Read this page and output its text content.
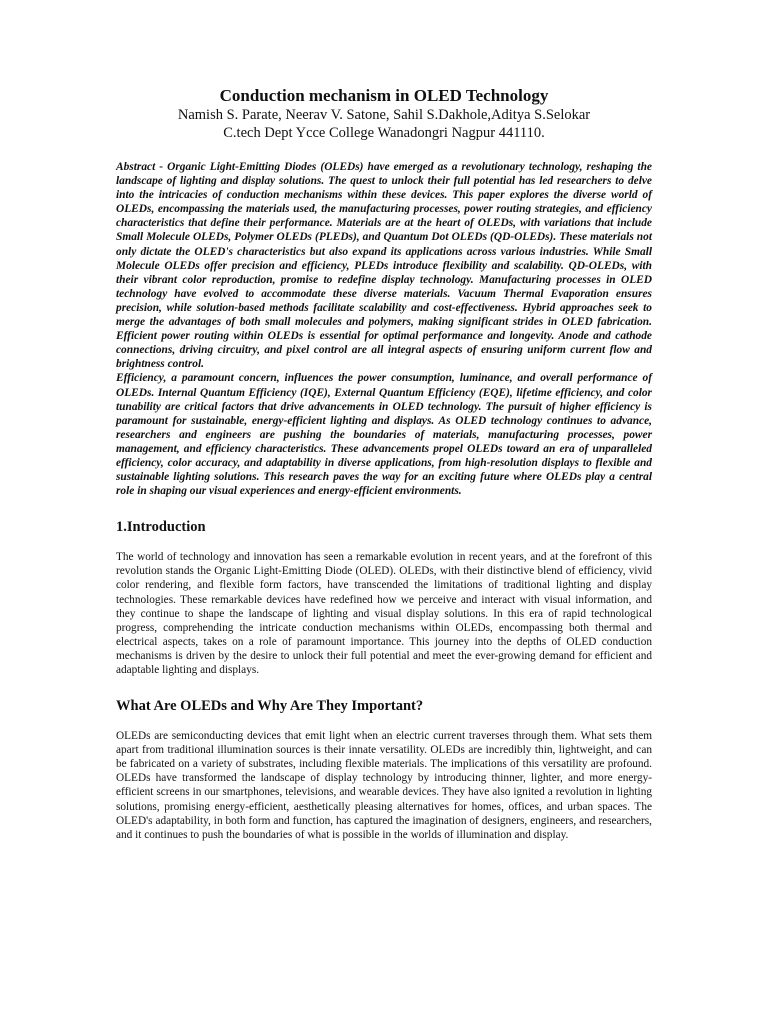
Conduction mechanism in OLED Technology

Namish S. Parate, Neerav V. Satone, Sahil S.Dakhole,Aditya S.Selokar

C.tech Dept Ycce College Wanadongri Nagpur 441110.

Abstract - Organic Light-Emitting Diodes (OLEDs) have emerged as a revolutionary technology, reshaping the landscape of lighting and display solutions. The quest to unlock their full potential has led researchers to delve into the intricacies of conduction mechanisms within these devices. This paper explores the diverse world of OLEDs, encompassing the materials used, the manufacturing processes, power routing strategies, and efficiency characteristics that define their performance. Materials are at the heart of OLEDs, with variations that include Small Molecule OLEDs, Polymer OLEDs (PLEDs), and Quantum Dot OLEDs (QD-OLEDs). These materials not only dictate the OLED's characteristics but also expand its applications across various industries. While Small Molecule OLEDs offer precision and efficiency, PLEDs introduce flexibility and scalability. QD-OLEDs, with their vibrant color reproduction, promise to redefine display technology. Manufacturing processes in OLED technology have evolved to accommodate these diverse materials. Vacuum Thermal Evaporation ensures precision, while solution-based methods facilitate scalability and cost-effectiveness. Hybrid approaches seek to merge the advantages of both small molecules and polymers, making significant strides in OLED fabrication. Efficient power routing within OLEDs is essential for optimal performance and longevity. Anode and cathode connections, driving circuitry, and pixel control are all integral aspects of ensuring uniform current flow and brightness control.

Efficiency, a paramount concern, influences the power consumption, luminance, and overall performance of OLEDs. Internal Quantum Efficiency (IQE), External Quantum Efficiency (EQE), lifetime efficiency, and color tunability are critical factors that drive advancements in OLED technology. The pursuit of higher efficiency is paramount for sustainable, energy-efficient lighting and displays. As OLED technology continues to advance, researchers and engineers are pushing the boundaries of materials, manufacturing processes, power management, and efficiency characteristics. These advancements propel OLEDs toward an era of unparalleled efficiency, color accuracy, and adaptability in diverse applications, from high-resolution displays to flexible and sustainable lighting solutions. This research paves the way for an exciting future where OLEDs play a central role in shaping our visual experiences and energy-efficient environments.

1.Introduction

The world of technology and innovation has seen a remarkable evolution in recent years, and at the forefront of this revolution stands the Organic Light-Emitting Diode (OLED). OLEDs, with their distinctive blend of efficiency, vivid color rendering, and flexible form factors, have transcended the limitations of traditional lighting and display technologies. These remarkable devices have redefined how we perceive and interact with visual information, and they continue to shape the landscape of lighting and visual display solutions. In this era of rapid technological progress, comprehending the intricate conduction mechanisms within OLEDs, encompassing both thermal and electrical aspects, takes on a role of paramount importance. This journey into the depths of OLED conduction mechanisms is driven by the desire to unlock their full potential and meet the ever-growing demand for efficient and adaptable lighting and displays.

What Are OLEDs and Why Are They Important?

OLEDs are semiconducting devices that emit light when an electric current traverses through them. What sets them apart from traditional illumination sources is their innate versatility. OLEDs are incredibly thin, lightweight, and can be fabricated on a variety of substrates, including flexible materials. The implications of this versatility are profound. OLEDs have transformed the landscape of display technology by introducing thinner, lighter, and more energy-efficient screens in our smartphones, televisions, and wearable devices. They have also ignited a revolution in lighting solutions, promising energy-efficient, aesthetically pleasing alternatives for homes, offices, and urban spaces. The OLED's adaptability, in both form and function, has captured the imagination of designers, engineers, and researchers, and it continues to push the boundaries of what is possible in the worlds of illumination and display.
